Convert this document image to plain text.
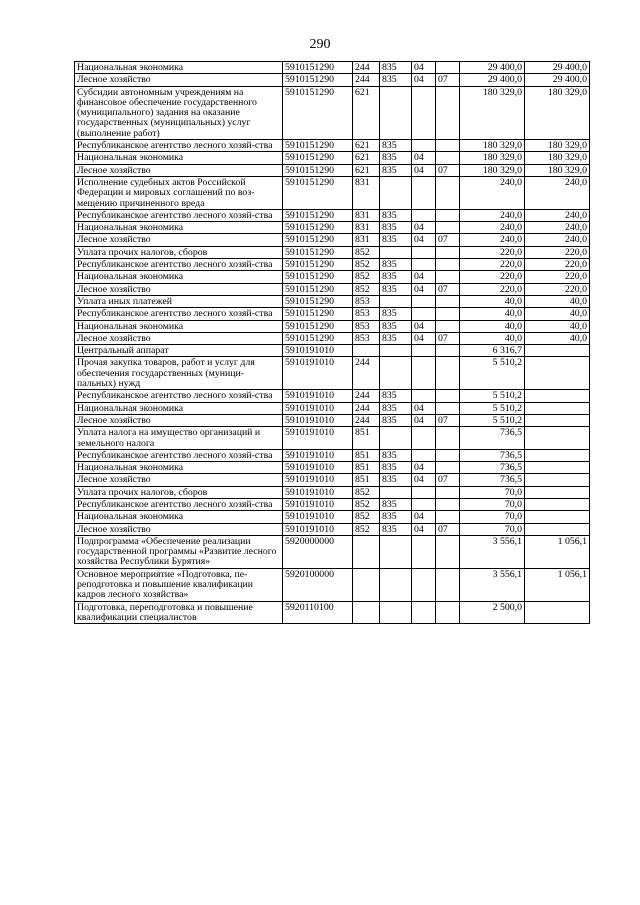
290
Национальная экономика	5910151290	244	835	04		29 400,0	29 400,0
Лесное хозяйство	5910151290	244	835	04	07	29 400,0	29 400,0
Субсидии автономным учреждениям на финансовое обеспечение государственного (муниципального) задания на оказание государственных (муниципальных) услуг (выполнение работ)	5910151290	621				180 329,0	180 329,0
Республиканское агентство лесного хозяй-ства	5910151290	621	835			180 329,0	180 329,0
Национальная экономика	5910151290	621	835	04		180 329,0	180 329,0
Лесное хозяйство	5910151290	621	835	04	07	180 329,0	180 329,0
Исполнение судебных актов Российской Федерации и мировых соглашений по воз-мещению причиненного вреда	5910151290	831				240,0	240,0
Республиканское агентство лесного хозяй-ства	5910151290	831	835			240,0	240,0
Национальная экономика	5910151290	831	835	04		240,0	240,0
Лесное хозяйство	5910151290	831	835	04	07	240,0	240,0
Уплата прочих налогов, сборов	5910151290	852				220,0	220,0
Республиканское агентство лесного хозяй-ства	5910151290	852	835			220,0	220,0
Национальная экономика	5910151290	852	835	04		220,0	220,0
Лесное хозяйство	5910151290	852	835	04	07	220,0	220,0
Уплата иных платежей	5910151290	853				40,0	40,0
Республиканское агентство лесного хозяй-ства	5910151290	853	835			40,0	40,0
Национальная экономика	5910151290	853	835	04		40,0	40,0
Лесное хозяйство	5910151290	853	835	04	07	40,0	40,0
Центральный аппарат	5910191010					6 316,7	
Прочая закупка товаров, работ и услуг для обеспечения государственных (муници-пальных) нужд	5910191010	244				5 510,2	
Республиканское агентство лесного хозяй-ства	5910191010	244	835			5 510,2	
Национальная экономика	5910191010	244	835	04		5 510,2	
Лесное хозяйство	5910191010	244	835	04	07	5 510,2	
Уплата налога на имущество организаций и земельного налога	5910191010	851				736,5	
Республиканское агентство лесного хозяй-ства	5910191010	851	835			736,5	
Национальная экономика	5910191010	851	835	04		736,5	
Лесное хозяйство	5910191010	851	835	04	07	736,5	
Уплата прочих налогов, сборов	5910191010	852				70,0	
Республиканское агентство лесного хозяй-ства	5910191010	852	835			70,0	
Национальная экономика	5910191010	852	835	04		70,0	
Лесное хозяйство	5910191010	852	835	04	07	70,0	
Подпрограмма «Обеспечение реализации государственной программы «Развитие лесного хозяйства Республики Бурятия»	5920000000					3 556,1	1 056,1
Основное мероприятие «Подготовка, пе-реподготовка и повышение квалификации кадров лесного хозяйства»	5920100000					3 556,1	1 056,1
Подготовка, переподготовка и повышение квалификации специалистов	5920110100					2 500,0	
